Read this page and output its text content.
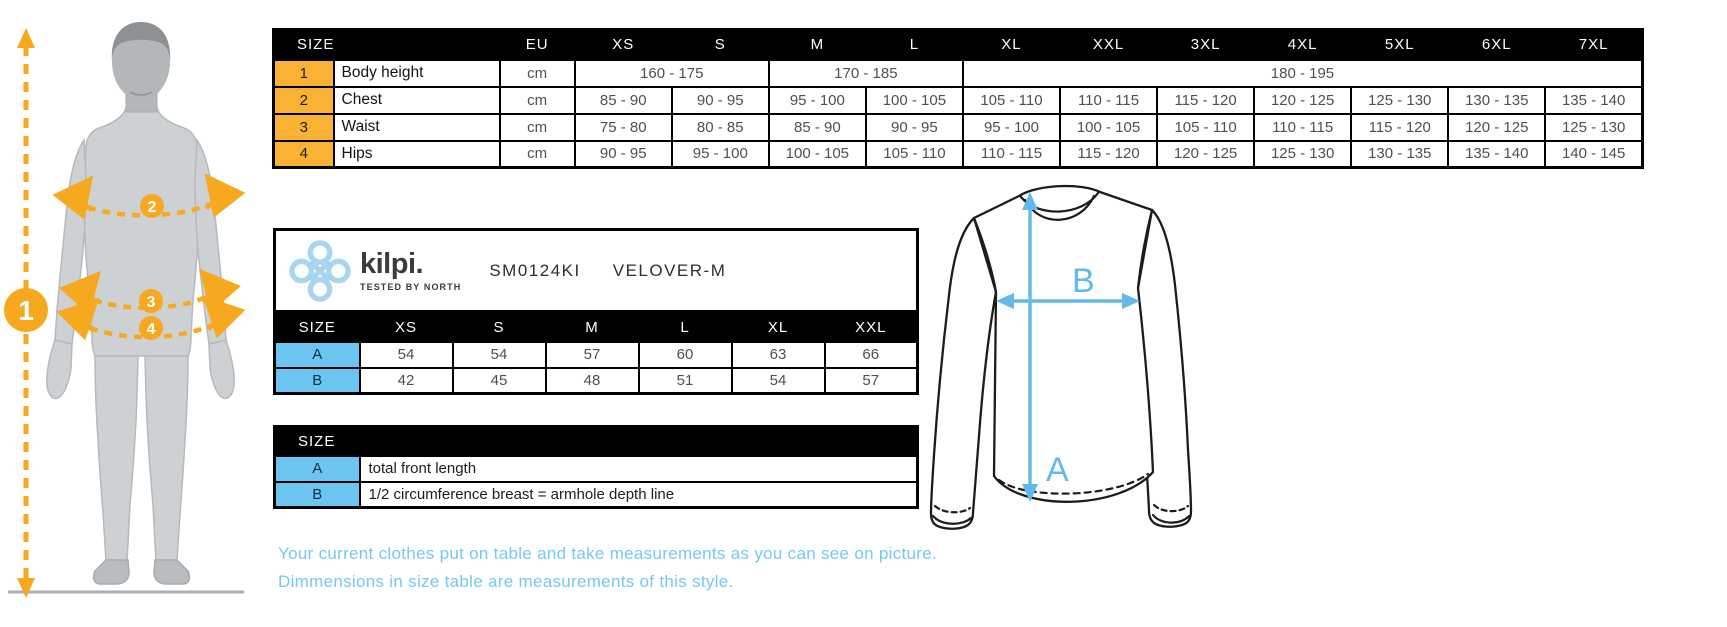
1
2
3
4
SIZE		EU	XS	S	M	L	XL	XXL	3XL	4XL	5XL	6XL	7XL
1	Body height	cm	160 - 175		170 - 185		180 - 195						
2	Chest	cm	85 - 90	90 - 95	95 - 100	100 - 105	105 - 110	110 - 115	115 - 120	120 - 125	125 - 130	130 - 135	135 - 140
3	Waist	cm	75 - 80	80 - 85	85 - 90	90 - 95	95 - 100	100 - 105	105 - 110	110 - 115	115 - 120	120 - 125	125 - 130
4	Hips	cm	90 - 95	95 - 100	100 - 105	105 - 110	110 - 115	115 - 120	120 - 125	125 - 130	130 - 135	135 - 140	140 - 145
kilpi.
TESTED BY NORTH
SM0124KI VELOVER-M
SIZE	XS	S	M	L	XL	XXL
A	54	54	57	60	63	66
B	42	45	48	51	54	57
SIZE	
A	total front length
B	1/2 circumference breast = armhole depth line
Your current clothes put on table and take measurements as you can see on picture.
Dimmensions in size table are measurements of this style.
B
A
